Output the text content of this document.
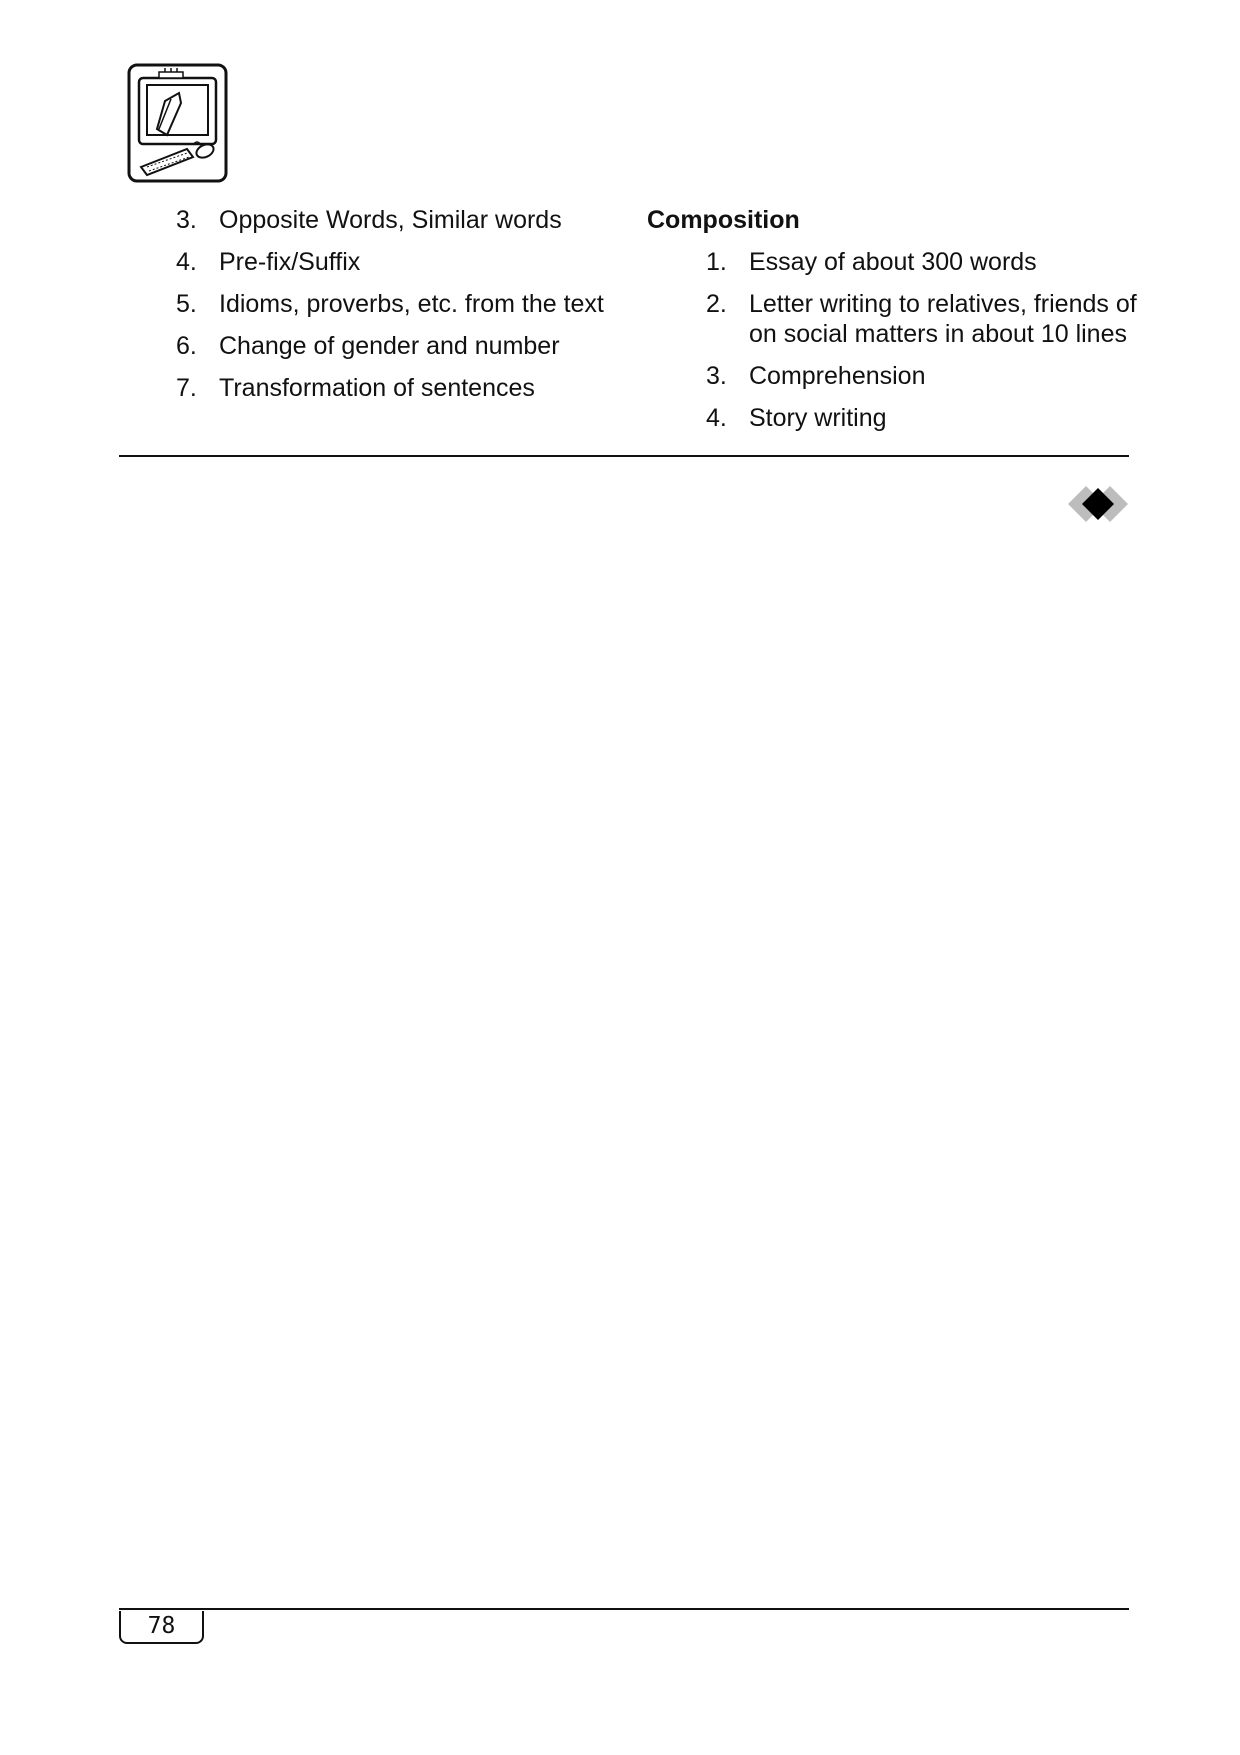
3. Opposite Words, Similar words
4. Pre-fix/Suffix
5. Idioms, proverbs, etc. from the text
6. Change of gender and number
7. Transformation of sentences
Composition
1. Essay of about 300 words
2. Letter writing to relatives, friends of on social matters in about 10 lines
3. Comprehension
4. Story writing
78
